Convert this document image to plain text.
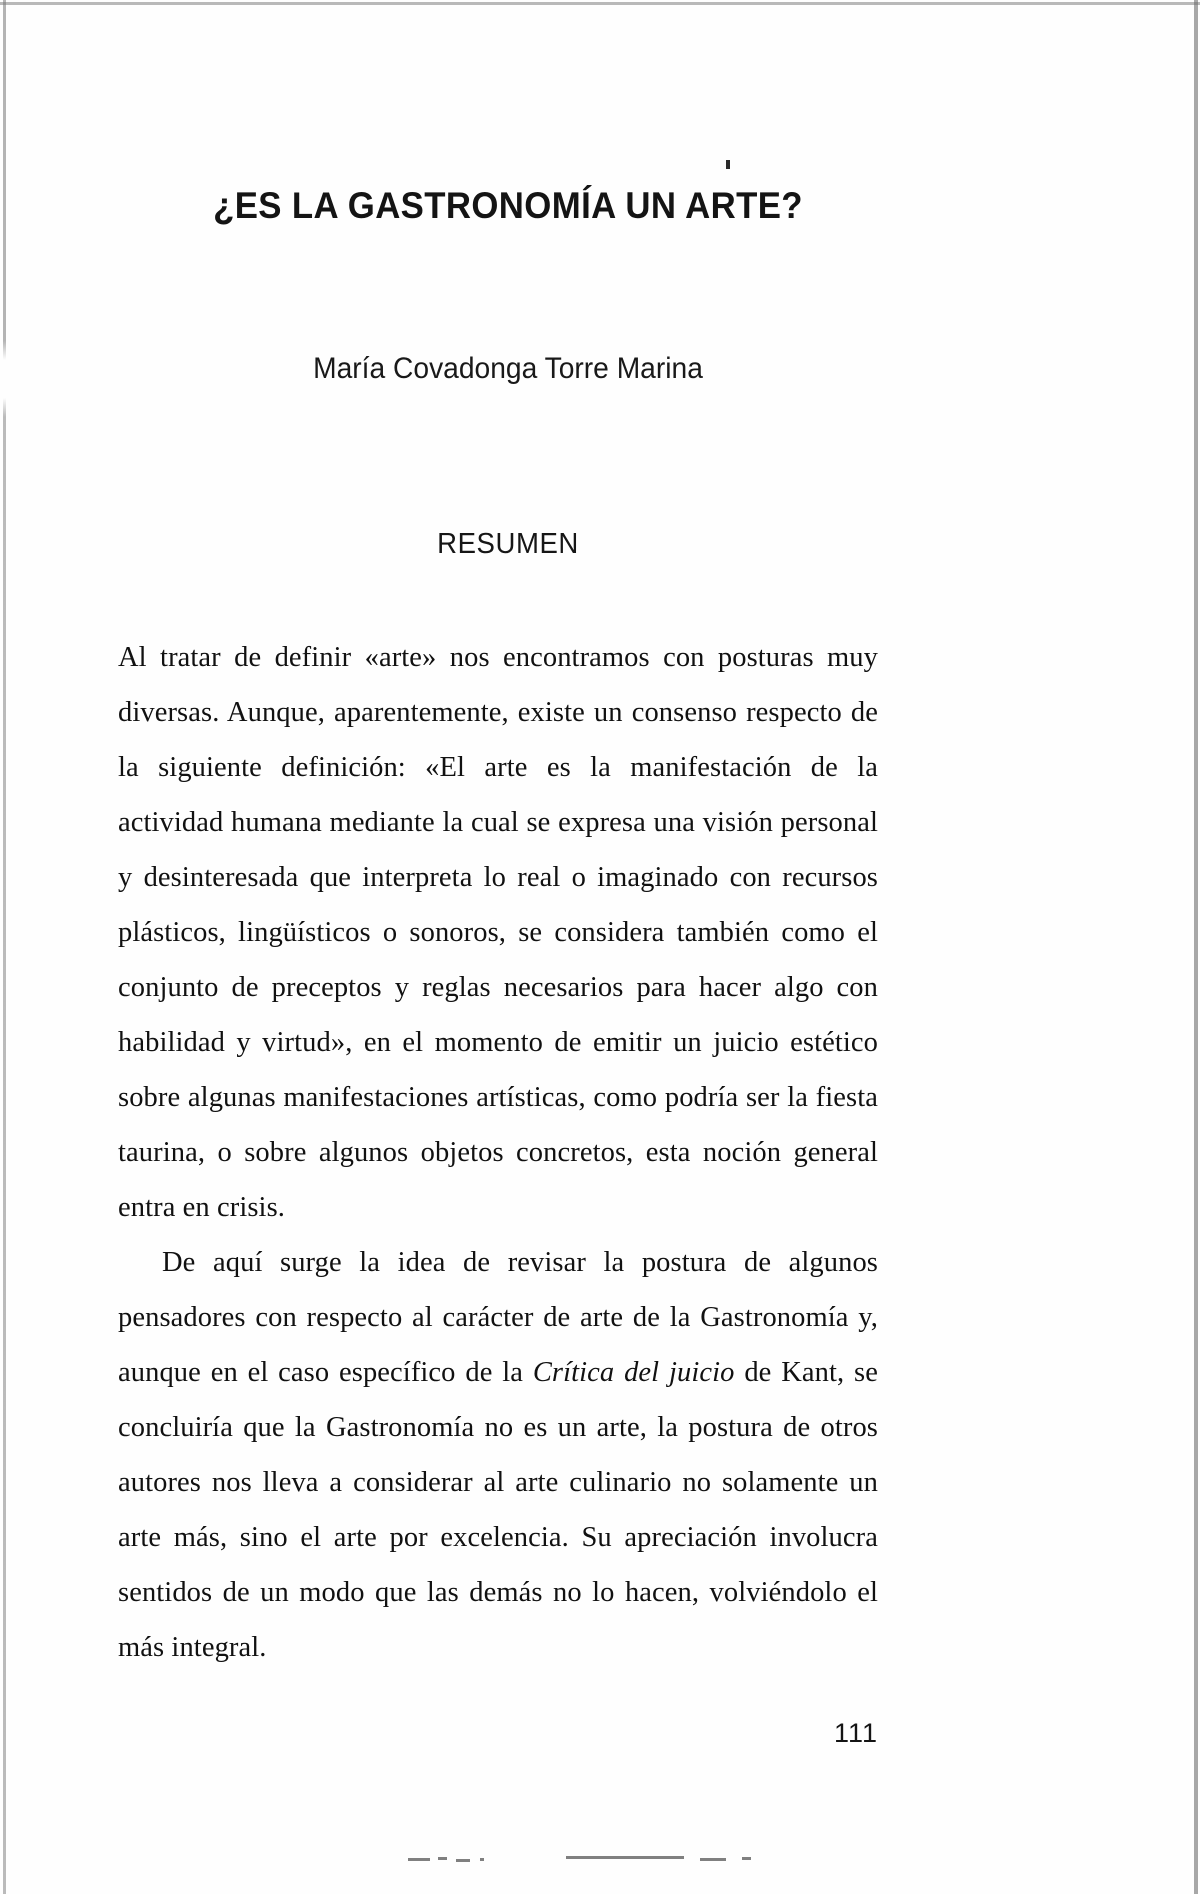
¿ES LA GASTRONOMÍA UN ARTE?
María Covadonga Torre Marina
RESUMEN

Al tratar de definir «arte» nos encontramos con posturas muy diversas. Aunque, aparentemente, existe un consenso respecto de la siguiente definición: «El arte es la manifestación de la actividad humana mediante la cual se expresa una visión personal y desinteresada que interpreta lo real o imaginado con recursos plásticos, lingüísticos o sonoros, se considera también como el conjunto de preceptos y reglas necesarios para hacer algo con habilidad y virtud», en el momento de emitir un juicio estético sobre algunas manifestaciones artísticas, como podría ser la fiesta taurina, o sobre algunos objetos concretos, esta noción general entra en crisis.

De aquí surge la idea de revisar la postura de algunos pensadores con respecto al carácter de arte de la Gastronomía y, aunque en el caso específico de la Crítica del juicio de Kant, se concluiría que la Gastronomía no es un arte, la postura de otros autores nos lleva a considerar al arte culinario no solamente un arte más, sino el arte por excelencia. Su apreciación involucra sentidos de un modo que las demás no lo hacen, volviéndolo el más integral.

111
